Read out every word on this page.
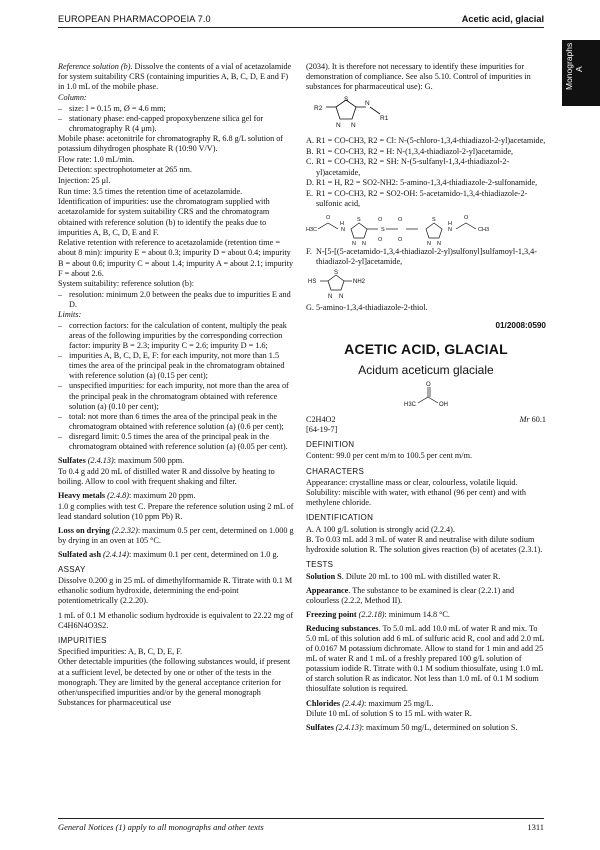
EUROPEAN PHARMACOPOEIA 7.0	Acetic acid, glacial
Monographs
A
Reference solution (b). Dissolve the contents of a vial of acetazolamide for system suitability CRS (containing impurities A, B, C, D, E and F) in 1.0 mL of the mobile phase.
Column:
– size: l = 0.15 m, Ø = 4.6 mm;
– stationary phase: end-capped propoxybenzene silica gel for chromatography R (4 μm).
Mobile phase: acetonitrile for chromatography R, 6.8 g/L solution of potassium dihydrogen phosphate R (10:90 V/V).
Flow rate: 1.0 mL/min.
Detection: spectrophotometer at 265 nm.
Injection: 25 μl.
Run time: 3.5 times the retention time of acetazolamide.
Identification of impurities: use the chromatogram supplied with acetazolamide for system suitability CRS and the chromatogram obtained with reference solution (b) to identify the peaks due to impurities A, B, C, D, E and F.
Relative retention with reference to acetazolamide (retention time = about 8 min): impurity E = about 0.3; impurity D = about 0.4; impurity B = about 0.6; impurity C = about 1.4; impurity A = about 2.1; impurity F = about 2.6.
System suitability: reference solution (b):
– resolution: minimum 2.0 between the peaks due to impurities E and D.
Limits:
– correction factors: for the calculation of content, multiply the peak areas of the following impurities by the corresponding correction factor: impurity B = 2.3; impurity C = 2.6; impurity D = 1.6;
– impurities A, B, C, D, E, F: for each impurity, not more than 1.5 times the area of the principal peak in the chromatogram obtained with reference solution (a) (0.15 per cent);
– unspecified impurities: for each impurity, not more than the area of the principal peak in the chromatogram obtained with reference solution (a) (0.10 per cent);
– total: not more than 6 times the area of the principal peak in the chromatogram obtained with reference solution (a) (0.6 per cent);
– disregard limit: 0.5 times the area of the principal peak in the chromatogram obtained with reference solution (a) (0.05 per cent).
Sulfates (2.4.13): maximum 500 ppm.
To 0.4 g add 20 mL of distilled water R and dissolve by heating to boiling. Allow to cool with frequent shaking and filter.
Heavy metals (2.4.8): maximum 20 ppm.
1.0 g complies with test C. Prepare the reference solution using 2 mL of lead standard solution (10 ppm Pb) R.
Loss on drying (2.2.32): maximum 0.5 per cent, determined on 1.000 g by drying in an oven at 105 °C.
Sulfated ash (2.4.14): maximum 0.1 per cent, determined on 1.0 g.
ASSAY
Dissolve 0.200 g in 25 mL of dimethylformamide R. Titrate with 0.1 M ethanolic sodium hydroxide, determining the end-point potentiometrically (2.2.20).
1 mL of 0.1 M ethanolic sodium hydroxide is equivalent to 22.22 mg of C4H6N4O3S2.
IMPURITIES
Specified impurities: A, B, C, D, E, F.
Other detectable impurities (the following substances would, if present at a sufficient level, be detected by one or other of the tests in the monograph. They are limited by the general acceptance criterion for other/unspecified impurities and/or by the general monograph Substances for pharmaceutical use
(2034). It is therefore not necessary to identify these impurities for demonstration of compliance. See also 5.10. Control of impurities in substances for pharmaceutical use): G.
R2
S
N
R1
N N
A. R1 = CO-CH3, R2 = Cl: N-(5-chloro-1,3,4-thiadiazol-2-yl)acetamide,
B. R1 = CO-CH3, R2 = H: N-(1,3,4-thiadiazol-2-yl)acetamide,
C. R1 = CO-CH3, R2 = SH: N-(5-sulfanyl-1,3,4-thiadiazol-2-yl)acetamide,
D. R1 = H, R2 = SO2-NH2: 5-amino-1,3,4-thiadiazole-2-sulfonamide,
E. R1 = CO-CH3, R2 = SO2-OH: 5-acetamido-1,3,4-thiadiazole-2-sulfonic acid,
H3C
O
H
N
S	O
O
S
O
O
S
H
N
O
CH3
N N	N N
F. N-[5-[(5-acetamido-1,3,4-thiadiazol-2-yl)sulfonyl]sulfamoyl-1,3,4-thiadiazol-2-yl]acetamide,
HS
S
NH2
N N
G. 5-amino-1,3,4-thiadiazole-2-thiol.
01/2008:0590
ACETIC ACID, GLACIAL
Acidum aceticum glaciale
H3C
O
OH
C2H4O2
[64-19-7]
Mr 60.1
DEFINITION
Content: 99.0 per cent m/m to 100.5 per cent m/m.
CHARACTERS
Appearance: crystalline mass or clear, colourless, volatile liquid.
Solubility: miscible with water, with ethanol (96 per cent) and with methylene chloride.
IDENTIFICATION
A. A 100 g/L solution is strongly acid (2.2.4).
B. To 0.03 mL add 3 mL of water R and neutralise with dilute sodium hydroxide solution R. The solution gives reaction (b) of acetates (2.3.1).
TESTS
Solution S. Dilute 20 mL to 100 mL with distilled water R.
Appearance. The substance to be examined is clear (2.2.1) and colourless (2.2.2, Method II).
Freezing point (2.2.18): minimum 14.8 °C.
Reducing substances. To 5.0 mL add 10.0 mL of water R and mix. To 5.0 mL of this solution add 6 mL of sulfuric acid R, cool and add 2.0 mL of 0.0167 M potassium dichromate. Allow to stand for 1 min and add 25 mL of water R and 1 mL of a freshly prepared 100 g/L solution of potassium iodide R. Titrate with 0.1 M sodium thiosulfate, using 1.0 mL of starch solution R as indicator. Not less than 1.0 mL of 0.1 M sodium thiosulfate solution is required.
Chlorides (2.4.4): maximum 25 mg/L.
Dilute 10 mL of solution S to 15 mL with water R.
Sulfates (2.4.13): maximum 50 mg/L, determined on solution S.
General Notices (1) apply to all monographs and other texts	1311
